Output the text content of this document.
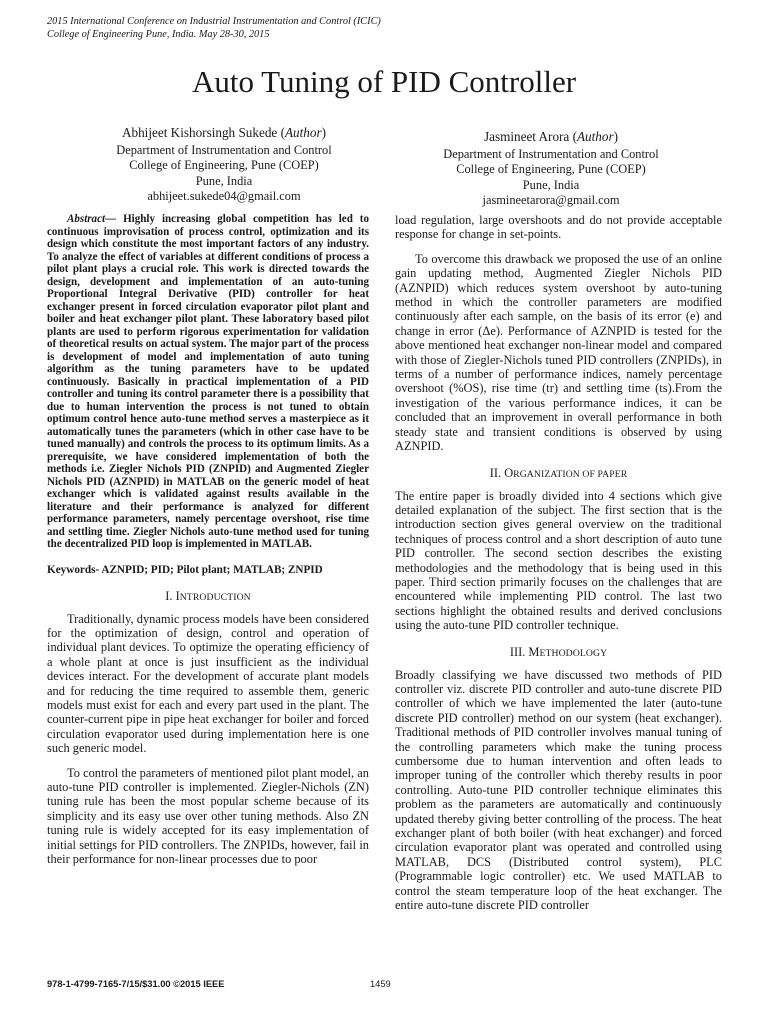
2015 International Conference on Industrial Instrumentation and Control (ICIC)
College of Engineering Pune, India. May 28-30, 2015
Auto Tuning of PID Controller
Abhijeet Kishorsingh Sukede (Author)
Department of Instrumentation and Control
College of Engineering, Pune (COEP)
Pune, India
abhijeet.sukede04@gmail.com
Jasmineet Arora (Author)
Department of Instrumentation and Control
College of Engineering, Pune (COEP)
Pune, India
jasmineetarora@gmail.com

Abstract— Highly increasing global competition has led to continuous improvisation of process control, optimization and its design which constitute the most important factors of any industry. To analyze the effect of variables at different conditions of process a pilot plant plays a crucial role. This work is directed towards the design, development and implementation of an auto-tuning Proportional Integral Derivative (PID) controller for heat exchanger present in forced circulation evaporator pilot plant and boiler and heat exchanger pilot plant. These laboratory based pilot plants are used to perform rigorous experimentation for validation of theoretical results on actual system. The major part of the process is development of model and implementation of auto tuning algorithm as the tuning parameters have to be updated continuously. Basically in practical implementation of a PID controller and tuning its control parameter there is a possibility that due to human intervention the process is not tuned to obtain optimum control hence auto-tune method serves a masterpiece as it automatically tunes the parameters (which in other case have to be tuned manually) and controls the process to its optimum limits. As a prerequisite, we have considered implementation of both the methods i.e. Ziegler Nichols PID (ZNPID) and Augmented Ziegler Nichols PID (AZNPID) in MATLAB on the generic model of heat exchanger which is validated against results available in the literature and their performance is analyzed for different performance parameters, namely percentage overshoot, rise time and settling time. Ziegler Nichols auto-tune method used for tuning the decentralized PID loop is implemented in MATLAB.

Keywords- AZNPID; PID; Pilot plant; MATLAB; ZNPID

I. INTRODUCTION

Traditionally, dynamic process models have been considered for the optimization of design, control and operation of individual plant devices. To optimize the operating efficiency of a whole plant at once is just insufficient as the individual devices interact. For the development of accurate plant models and for reducing the time required to assemble them, generic models must exist for each and every part used in the plant. The counter-current pipe in pipe heat exchanger for boiler and forced circulation evaporator used during implementation here is one such generic model.

To control the parameters of mentioned pilot plant model, an auto-tune PID controller is implemented. Ziegler-Nichols (ZN) tuning rule has been the most popular scheme because of its simplicity and its easy use over other tuning methods. Also ZN tuning rule is widely accepted for its easy implementation of initial settings for PID controllers. The ZNPIDs, however, fail in their performance for non-linear processes due to poor

load regulation, large overshoots and do not provide acceptable response for change in set-points.

To overcome this drawback we proposed the use of an online gain updating method, Augmented Ziegler Nichols PID (AZNPID) which reduces system overshoot by auto-tuning method in which the controller parameters are modified continuously after each sample, on the basis of its error (e) and change in error (Δe). Performance of AZNPID is tested for the above mentioned heat exchanger non-linear model and compared with those of Ziegler-Nichols tuned PID controllers (ZNPIDs), in terms of a number of performance indices, namely percentage overshoot (%OS), rise time (tr) and settling time (ts).From the investigation of the various performance indices, it can be concluded that an improvement in overall performance in both steady state and transient conditions is observed by using AZNPID.

II. ORGANIZATION OF PAPER

The entire paper is broadly divided into 4 sections which give detailed explanation of the subject. The first section that is the introduction section gives general overview on the traditional techniques of process control and a short description of auto tune PID controller. The second section describes the existing methodologies and the methodology that is being used in this paper. Third section primarily focuses on the challenges that are encountered while implementing PID control. The last two sections highlight the obtained results and derived conclusions using the auto-tune PID controller technique.

III. METHODOLOGY

Broadly classifying we have discussed two methods of PID controller viz. discrete PID controller and auto-tune discrete PID controller of which we have implemented the later (auto-tune discrete PID controller) method on our system (heat exchanger). Traditional methods of PID controller involves manual tuning of the controlling parameters which make the tuning process cumbersome due to human intervention and often leads to improper tuning of the controller which thereby results in poor controlling. Auto-tune PID controller technique eliminates this problem as the parameters are automatically and continuously updated thereby giving better controlling of the process. The heat exchanger plant of both boiler (with heat exchanger) and forced circulation evaporator plant was operated and controlled using MATLAB, DCS (Distributed control system), PLC (Programmable logic controller) etc. We used MATLAB to control the steam temperature loop of the heat exchanger. The entire auto-tune discrete PID controller

978-1-4799-7165-7/15/$31.00 ©2015 IEEE	1459
